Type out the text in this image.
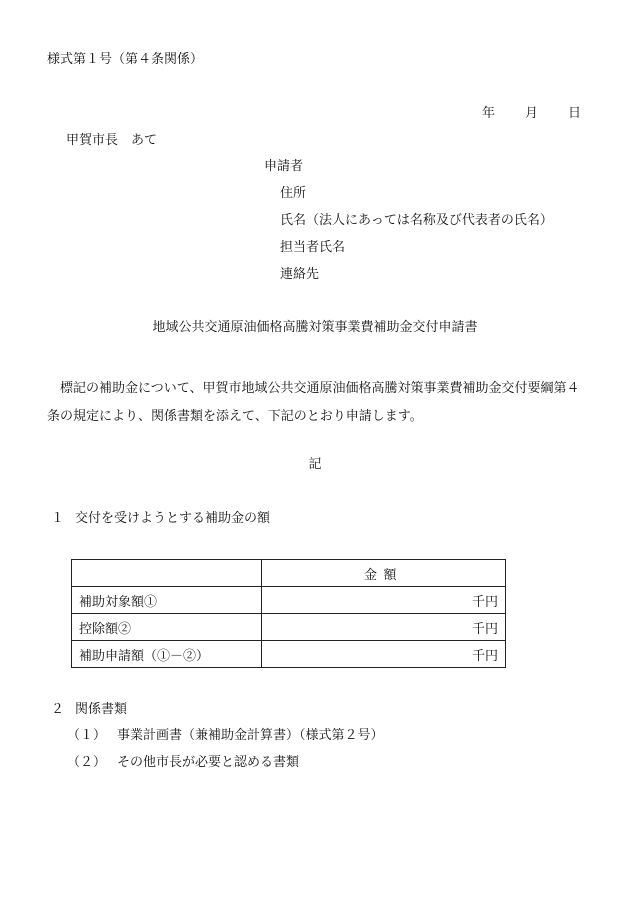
様式第１号（第４条関係）
年 月 日
甲賀市長　あて
申請者
住所
氏名（法人にあっては名称及び代表者の氏名）
担当者氏名
連絡先
地域公共交通原油価格高騰対策事業費補助金交付申請書
標記の補助金について、甲賀市地域公共交通原油価格高騰対策事業費補助金交付要綱第４条の規定により、関係書類を添えて、下記のとおり申請します。
記
１ 交付を受けようとする補助金の額
	金額
補助対象額①	千円
控除額②	千円
補助申請額（①－②）	千円
２ 関係書類
（１） 事業計画書（兼補助金計算書）（様式第２号）
（２） その他市長が必要と認める書類
